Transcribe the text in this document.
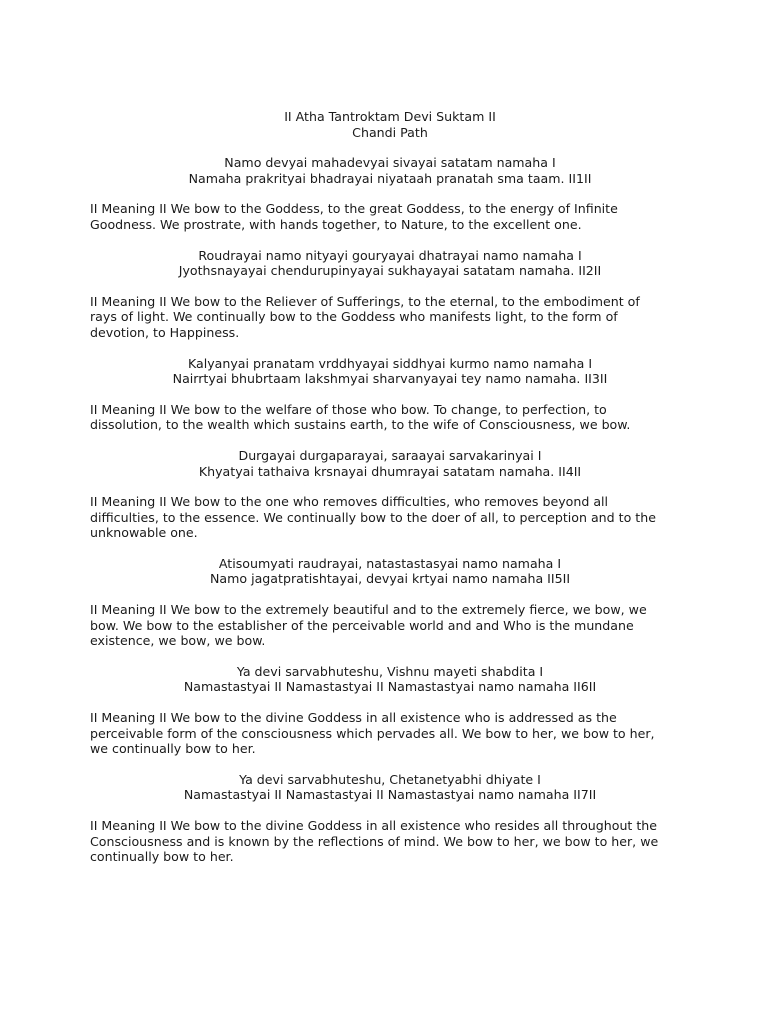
II Atha Tantroktam Devi Suktam II
Chandi Path
Namo devyai mahadevyai sivayai satatam namaha I
Namaha prakrityai bhadrayai niyataah pranatah sma taam. II1II
II Meaning II We bow to the Goddess, to the great Goddess, to the energy of Infinite
Goodness. We prostrate, with hands together, to Nature, to the excellent one.
Roudrayai namo nityayi gouryayai dhatrayai namo namaha I
Jyothsnayayai chendurupinyayai sukhayayai satatam namaha. II2II
II Meaning II We bow to the Reliever of Sufferings, to the eternal, to the embodiment of
rays of light. We continually bow to the Goddess who manifests light, to the form of
devotion, to Happiness.
Kalyanyai pranatam vrddhyayai siddhyai kurmo namo namaha I
Nairrtyai bhubrtaam lakshmyai sharvanyayai tey namo namaha. II3II
II Meaning II We bow to the welfare of those who bow. To change, to perfection, to
dissolution, to the wealth which sustains earth, to the wife of Consciousness, we bow.
Durgayai durgaparayai, saraayai sarvakarinyai I
Khyatyai tathaiva krsnayai dhumrayai satatam namaha. II4II
II Meaning II We bow to the one who removes difficulties, who removes beyond all
difficulties, to the essence. We continually bow to the doer of all, to perception and to the
unknowable one.
Atisoumyati raudrayai, natastastasyai namo namaha I
Namo jagatpratishtayai, devyai krtyai namo namaha II5II
II Meaning II We bow to the extremely beautiful and to the extremely fierce, we bow, we
bow. We bow to the establisher of the perceivable world and and Who is the mundane
existence, we bow, we bow.
Ya devi sarvabhuteshu, Vishnu mayeti shabdita I
Namastastyai II Namastastyai II Namastastyai namo namaha II6II
II Meaning II We bow to the divine Goddess in all existence who is addressed as the
perceivable form of the consciousness which pervades all. We bow to her, we bow to her,
we continually bow to her.
Ya devi sarvabhuteshu, Chetanetyabhi dhiyate I
Namastastyai II Namastastyai II Namastastyai namo namaha II7II
II Meaning II We bow to the divine Goddess in all existence who resides all throughout the
Consciousness and is known by the reflections of mind. We bow to her, we bow to her, we
continually bow to her.
